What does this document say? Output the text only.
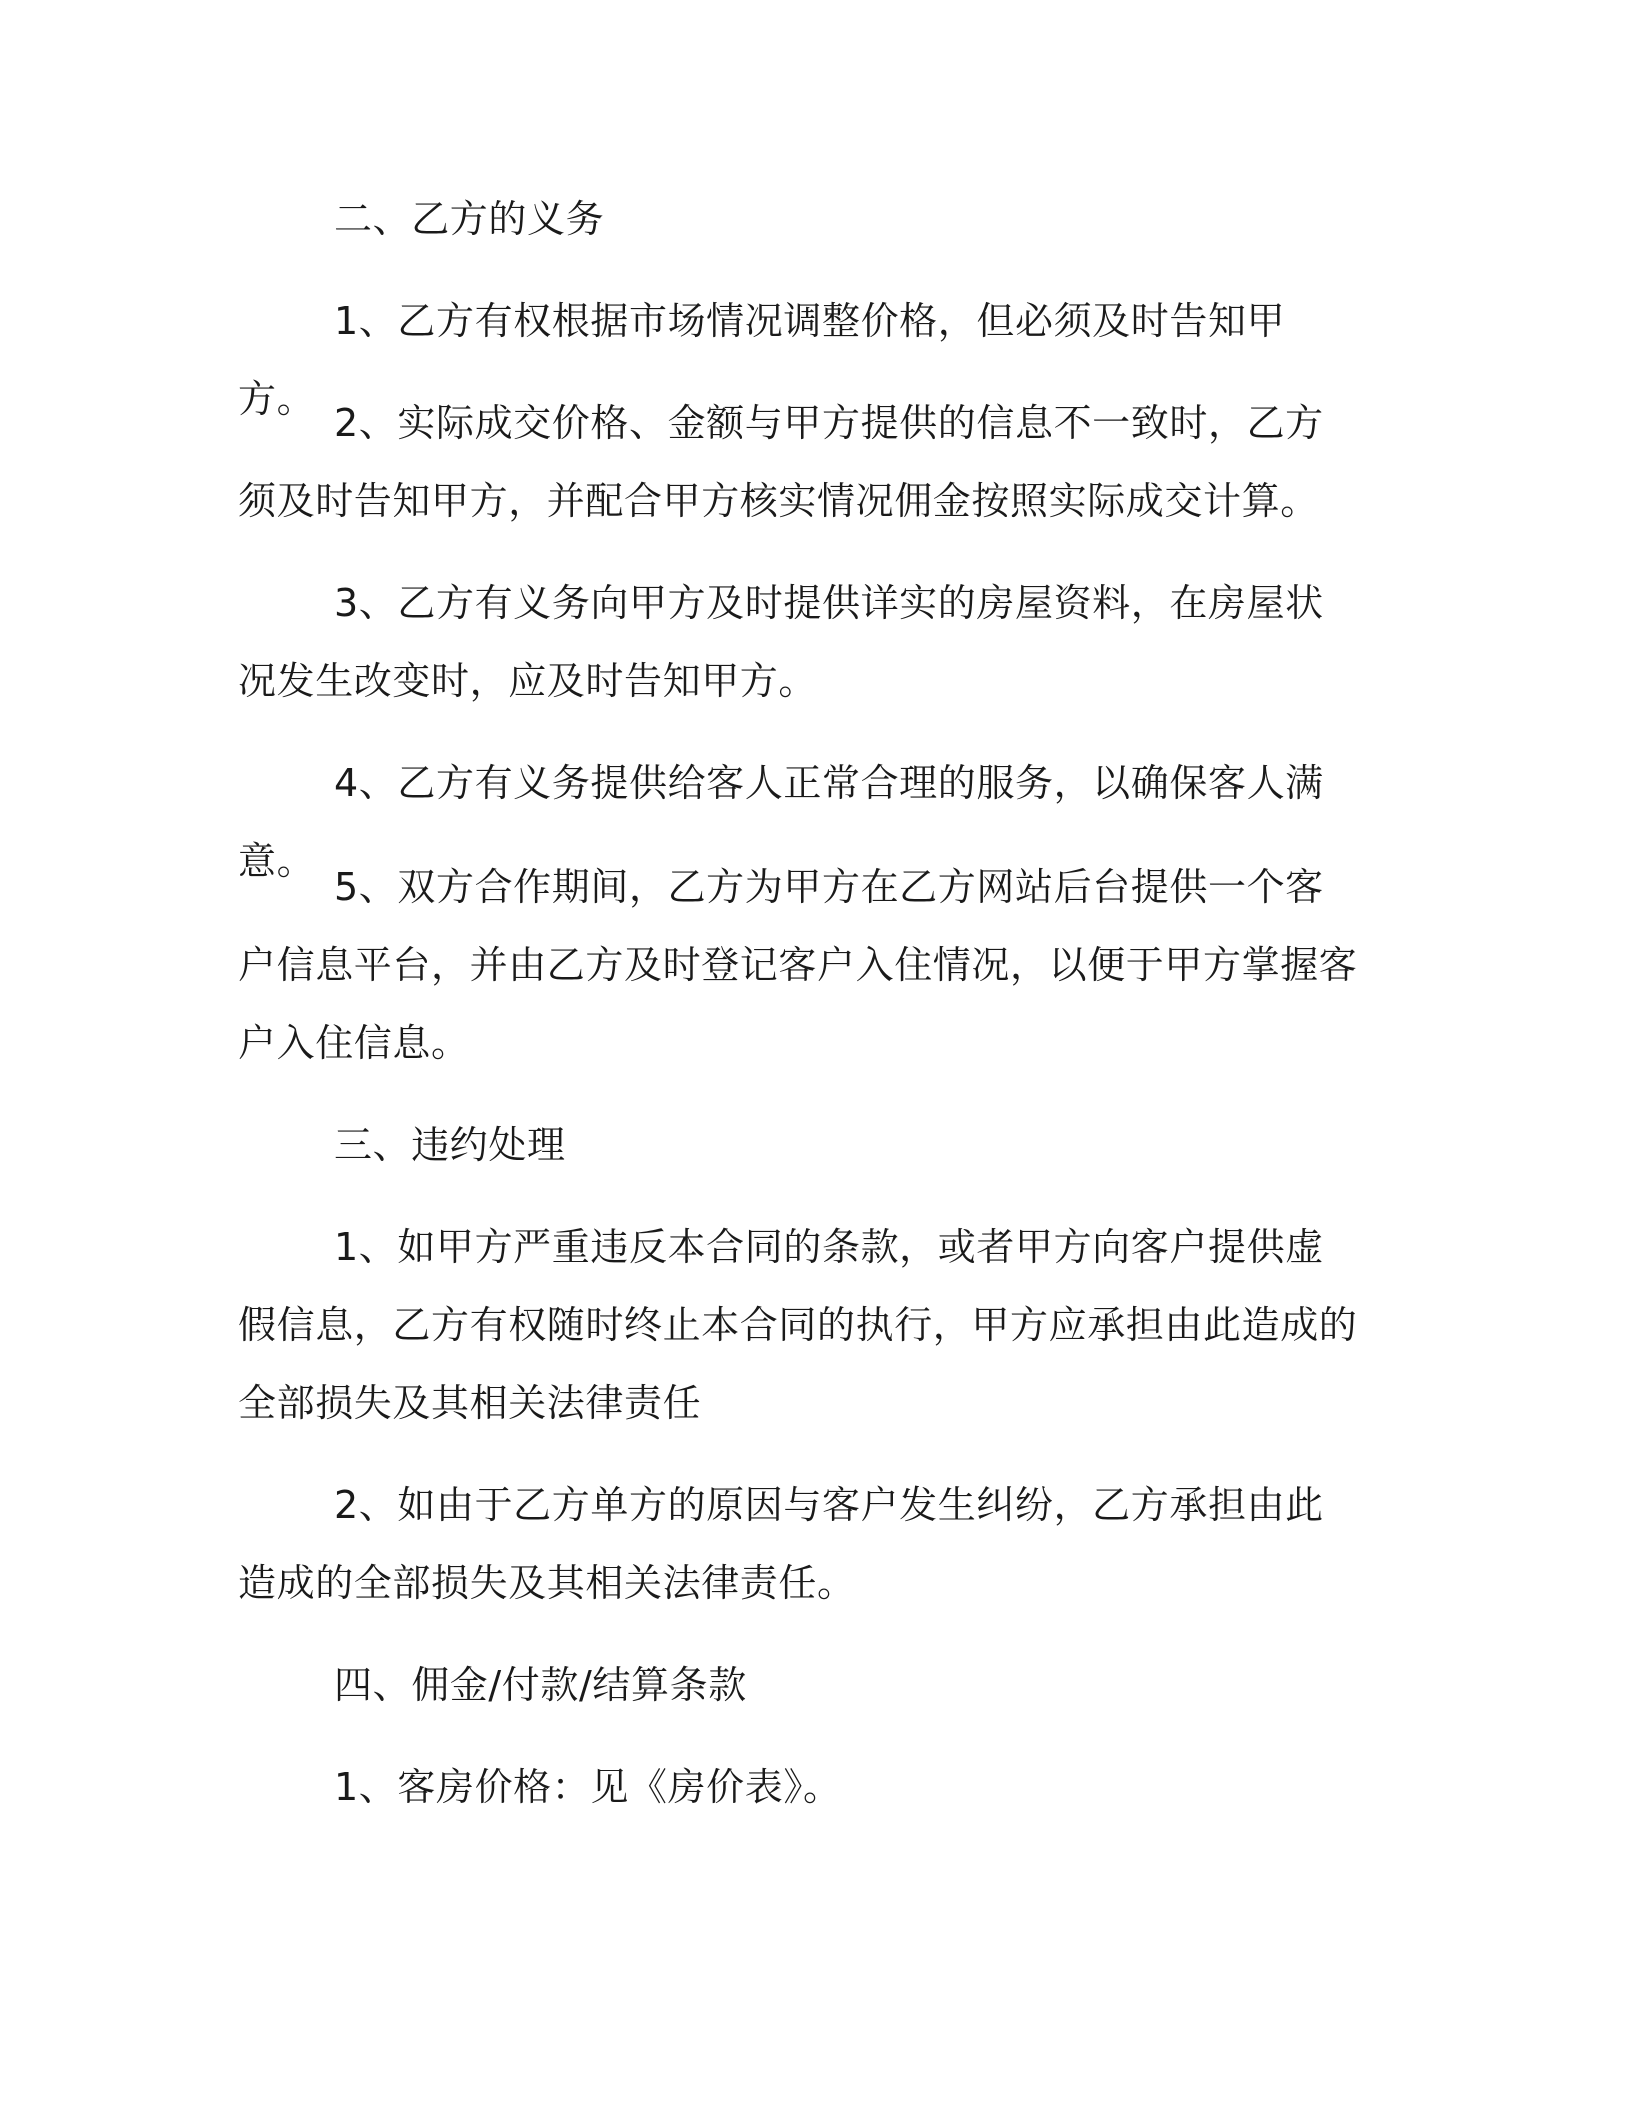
二、乙方的义务

1、乙方有权根据市场情况调整价格，但必须及时告知甲方。

2、实际成交价格、金额与甲方提供的信息不一致时，乙方须及时告知甲方，并配合甲方核实情况佣金按照实际成交计算。

3、乙方有义务向甲方及时提供详实的房屋资料，在房屋状况发生改变时，应及时告知甲方。

4、乙方有义务提供给客人正常合理的服务，以确保客人满意。

5、双方合作期间，乙方为甲方在乙方网站后台提供一个客户信息平台，并由乙方及时登记客户入住情况，以便于甲方掌握客户入住信息。

三、违约处理

1、如甲方严重违反本合同的条款，或者甲方向客户提供虚假信息，乙方有权随时终止本合同的执行，甲方应承担由此造成的全部损失及其相关法律责任

2、如由于乙方单方的原因与客户发生纠纷，乙方承担由此造成的全部损失及其相关法律责任。

四、佣金/付款/结算条款

1、客房价格：见《房价表》。
